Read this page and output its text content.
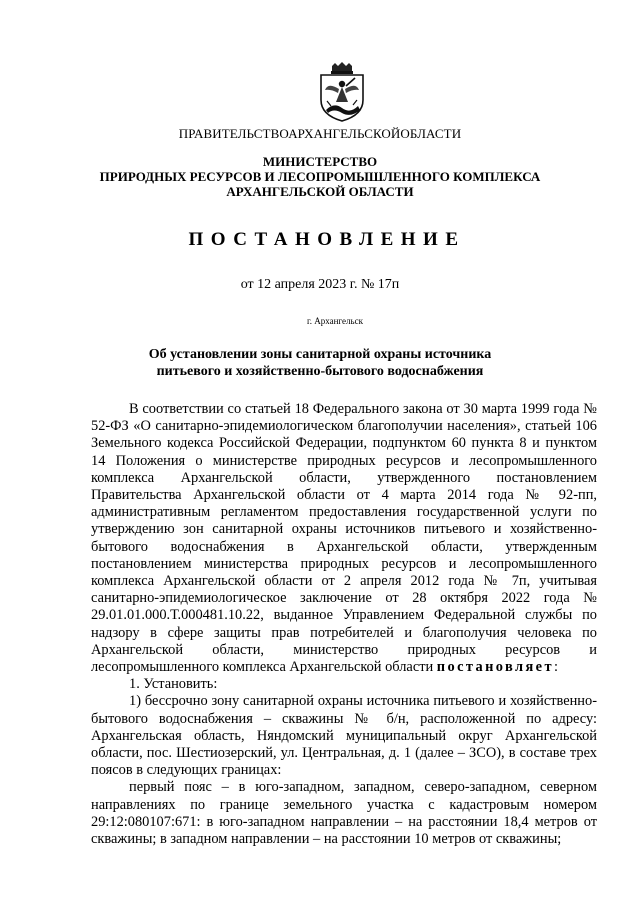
ПРАВИТЕЛЬСТВОАРХАНГЕЛЬСКОЙОБЛАСТИ
МИНИСТЕРСТВО
ПРИРОДНЫХ РЕСУРСОВ И ЛЕСОПРОМЫШЛЕННОГО КОМПЛЕКСА
АРХАНГЕЛЬСКОЙ ОБЛАСТИ
ПОСТАНОВЛЕНИЕ
от 12 апреля 2023 г. № 17п
г. Архангельск
Об установлении зоны санитарной охраны источника
питьевого и хозяйственно-бытового водоснабжения

В соответствии со статьей 18 Федерального закона от 30 марта 1999 года № 52-ФЗ «О санитарно-эпидемиологическом благополучии населения», статьей 106 Земельного кодекса Российской Федерации, подпунктом 60 пункта 8 и пунктом 14 Положения о министерстве природных ресурсов и лесопромышленного комплекса Архангельской области, утвержденного постановлением Правительства Архангельской области от 4 марта 2014 года № 92-пп, административным регламентом предоставления государственной услуги по утверждению зон санитарной охраны источников питьевого и хозяйственно-бытового водоснабжения в Архангельской области, утвержденным постановлением министерства природных ресурсов и лесопромышленного комплекса Архангельской области от 2 апреля 2012 года № 7п, учитывая санитарно-эпидемиологическое заключение от 28 октября 2022 года № 29.01.01.000.Т.000481.10.22, выданное Управлением Федеральной службы по надзору в сфере защиты прав потребителей и благополучия человека по Архангельской области, министерство природных ресурсов и лесопромышленного комплекса Архангельской области постановляет:

1. Установить:

1) бессрочно зону санитарной охраны источника питьевого и хозяйственно-бытового водоснабжения – скважины № б/н, расположенной по адресу: Архангельская область, Няндомский муниципальный округ Архангельской области, пос. Шестиозерский, ул. Центральная, д. 1 (далее – ЗСО), в составе трех поясов в следующих границах:

первый пояс – в юго-западном, западном, северо-западном, северном направлениях по границе земельного участка с кадастровым номером 29:12:080107:671: в юго-западном направлении – на расстоянии 18,4 метров от скважины; в западном направлении – на расстоянии 10 метров от скважины;
